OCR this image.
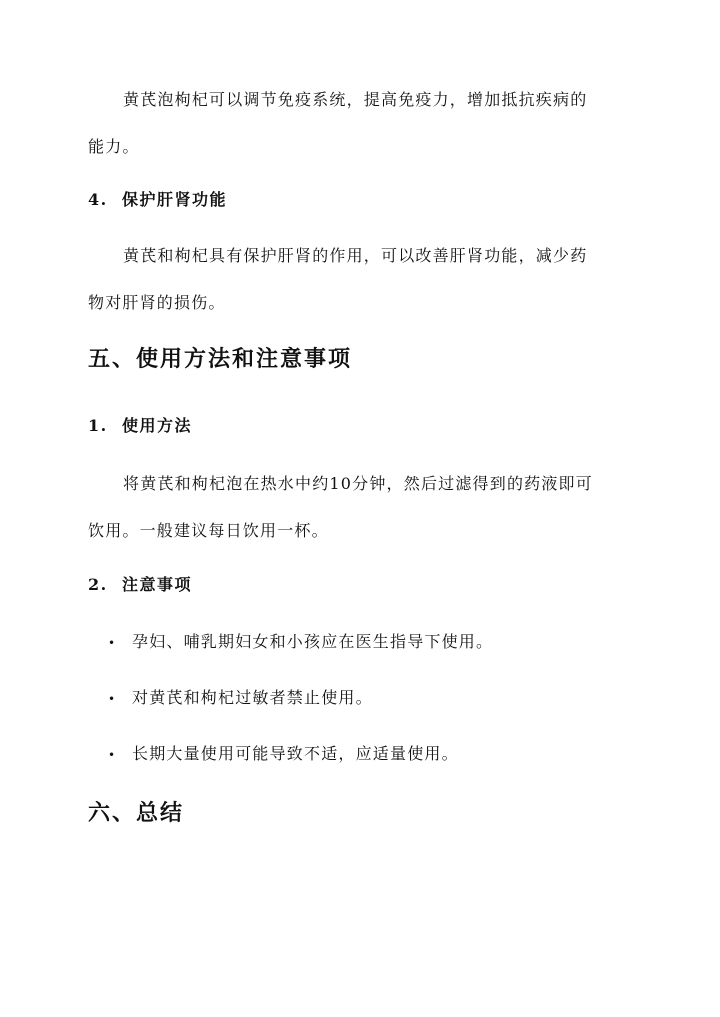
黄芪泡枸杞可以调节免疫系统，提高免疫力，增加抵抗疾病的
能力。

4. 保护肝肾功能

黄芪和枸杞具有保护肝肾的作用，可以改善肝肾功能，减少药
物对肝肾的损伤。

五、使用方法和注意事项
1. 使用方法

将黄芪和枸杞泡在热水中约10分钟，然后过滤得到的药液即可
饮用。一般建议每日饮用一杯。

2. 注意事项

• 孕妇、哺乳期妇女和小孩应在医生指导下使用。

• 对黄芪和枸杞过敏者禁止使用。

• 长期大量使用可能导致不适，应适量使用。

六、总结
